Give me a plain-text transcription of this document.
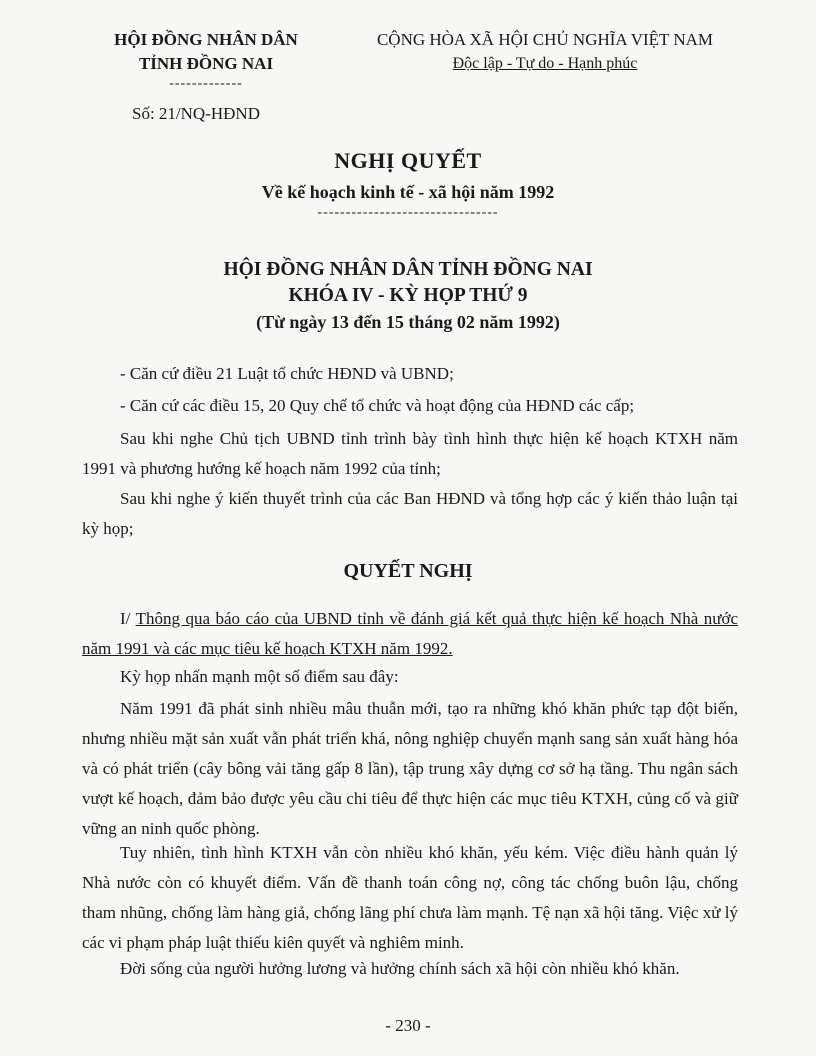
HỘI ĐỒNG NHÂN DÂN
TỈNH ĐỒNG NAI
-------------
Số: 21/NQ-HĐND
CỘNG HÒA XÃ HỘI CHỦ NGHĨA VIỆT NAM
Độc lập - Tự do - Hạnh phúc
NGHỊ QUYẾT
Về kế hoạch kinh tế - xã hội năm 1992
--------------------------------
HỘI ĐỒNG NHÂN DÂN TỈNH ĐỒNG NAI
KHÓA IV - KỲ HỌP THỨ 9
(Từ ngày 13 đến 15 tháng 02 năm 1992)
- Căn cứ điều 21 Luật tổ chức HĐND và UBND;
- Căn cứ các điều 15, 20 Quy chế tổ chức và hoạt động của HĐND các cấp;
Sau khi nghe Chủ tịch UBND tỉnh trình bày tình hình thực hiện kế hoạch KTXH năm 1991 và phương hướng kế hoạch năm 1992 của tỉnh;
Sau khi nghe ý kiến thuyết trình của các Ban HĐND và tổng hợp các ý kiến thảo luận tại kỳ họp;
QUYẾT NGHỊ
I/ Thông qua báo cáo của UBND tỉnh về đánh giá kết quả thực hiện kế hoạch Nhà nước năm 1991 và các mục tiêu kế hoạch KTXH năm 1992.
Kỳ họp nhấn mạnh một số điểm sau đây:
Năm 1991 đã phát sinh nhiều mâu thuẫn mới, tạo ra những khó khăn phức tạp đột biến, nhưng nhiều mặt sản xuất vẫn phát triển khá, nông nghiệp chuyển mạnh sang sản xuất hàng hóa và có phát triển (cây bông vải tăng gấp 8 lần), tập trung xây dựng cơ sở hạ tầng. Thu ngân sách vượt kế hoạch, đảm bảo được yêu cầu chi tiêu để thực hiện các mục tiêu KTXH, củng cố và giữ vững an ninh quốc phòng.
Tuy nhiên, tình hình KTXH vẫn còn nhiều khó khăn, yếu kém. Việc điều hành quản lý Nhà nước còn có khuyết điểm. Vấn đề thanh toán công nợ, công tác chống buôn lậu, chống tham nhũng, chống làm hàng giả, chống lãng phí chưa làm mạnh. Tệ nạn xã hội tăng. Việc xử lý các vi phạm pháp luật thiếu kiên quyết và nghiêm minh.
Đời sống của người hưởng lương và hưởng chính sách xã hội còn nhiều khó khăn.
- 230 -
